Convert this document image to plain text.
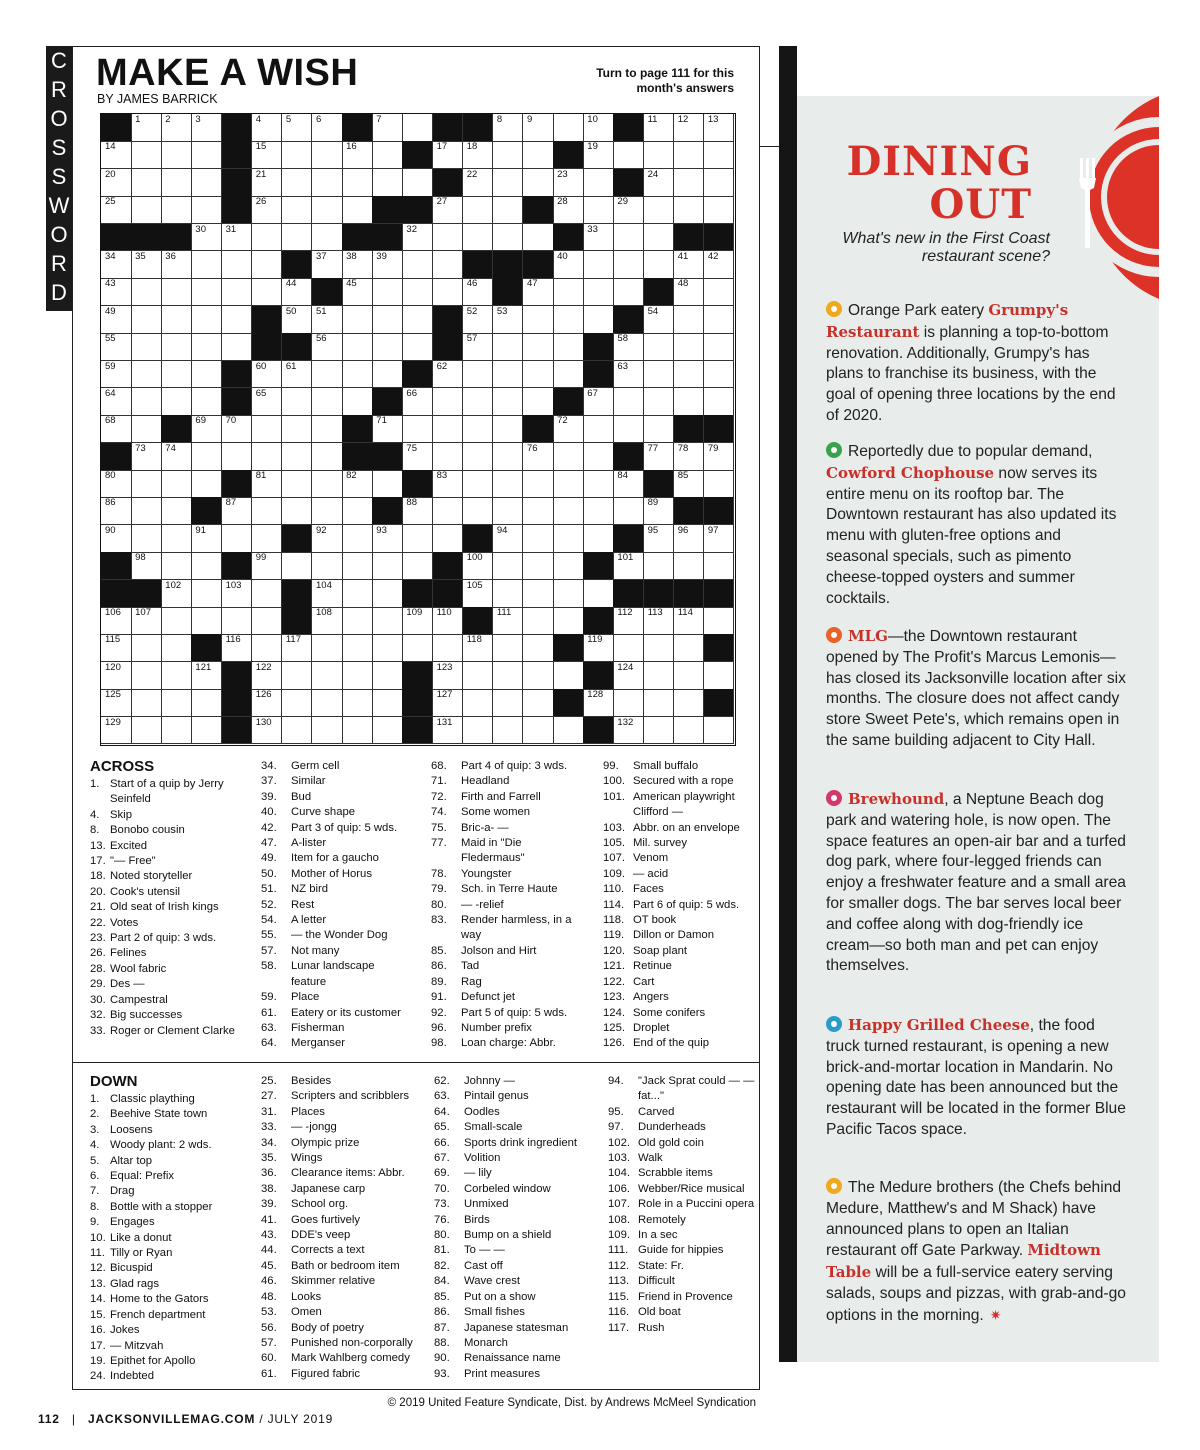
C
R
O
S
S
W
O
R
D
MAKE A WISH
BY JAMES BARRICK
Turn to page 111 for this month's answers
1	2	3	4	5	6	7	8	9	10	11 12 13
14	15	16	17 18	19
20	21	22	23	24
25	26	27	28	29
30 31	32	33
34 35 36	37 38 39	40	41 42
43	44	45	46	47	48
49	50 51	52 53	54
55	56	57	58
59	60 61	62	63
64	65	66	67
68	69 70	71	72
73 74	75	76	77 78 79
80	81	82	83	84	85
86	87	88	89
90	91	92	93	94	95 96 97
98	99	100	101
102	103	104	105
106 107	108	109 110	111	112 113 114
115	116	117	118	119
120	121	122	123	124
125	126	127	128
129	130	131	132
ACROSS
1. Start of a quip by Jerry Seinfeld
4. Skip
8. Bonobo cousin
13. Excited
17. "— Free"
18. Noted storyteller
20. Cook's utensil
21. Old seat of Irish kings
22. Votes
23. Part 2 of quip: 3 wds.
26. Felines
28. Wool fabric
29. Des —
30. Campestral
32. Big successes
33. Roger or Clement Clarke
34.	Germ cell
37.	Similar
39.	Bud
40.	Curve shape
42.	Part 3 of quip: 5 wds.
47.	A-lister
49.	Item for a gaucho
50.	Mother of Horus
51.	NZ bird
52.	Rest
54.	A letter
55.	— the Wonder Dog
57.	Not many
58.	Lunar landscape feature
59.	Place
61.	Eatery or its customer
63.	Fisherman
64.	Merganser
68.	Part 4 of quip: 3 wds.
71.	Headland
72.	Firth and Farrell
74.	Some women
75.	Bric-a- —
77.	Maid in "Die Fledermaus"
78.	Youngster
79.	Sch. in Terre Haute
80.	— -relief
83.	Render harmless, in a way
85.	Jolson and Hirt
86.	Tad
89.	Rag
91.	Defunct jet
92.	Part 5 of quip: 5 wds.
96.	Number prefix
98.	Loan charge: Abbr.
99.	Small buffalo
100. Secured with a rope
101. American playwright Clifford —
103. Abbr. on an envelope
105. Mil. survey
107. Venom
109. — acid
110. Faces
114. Part 6 of quip: 5 wds.
118. OT book
119. Dillon or Damon
120. Soap plant
121. Retinue
122. Cart
123. Angers
124. Some conifers
125. Droplet
126. End of the quip
DOWN
1. Classic plaything
2. Beehive State town
3. Loosens
4. Woody plant: 2 wds.
5. Altar top
6. Equal: Prefix
7. Drag
8. Bottle with a stopper
9. Engages
10. Like a donut
11. Tilly or Ryan
12. Bicuspid
13. Glad rags
14. Home to the Gators
15. French department
16. Jokes
17. — Mitzvah
19. Epithet for Apollo
24. Indebted
25.	Besides
27.	Scripters and scribblers
31.	Places
33.	— -jongg
34.	Olympic prize
35.	Wings
36.	Clearance items: Abbr.
38.	Japanese carp
39.	School org.
41.	Goes furtively
43.	DDE's veep
44.	Corrects a text
45.	Bath or bedroom item
46.	Skimmer relative
48.	Looks
53.	Omen
56.	Body of poetry
57.	Punished non-corporally
60.	Mark Wahlberg comedy
61.	Figured fabric
62.	Johnny —
63.	Pintail genus
64.	Oodles
65.	Small-scale
66.	Sports drink ingredient
67.	Volition
69.	— lily
70.	Corbeled window
73.	Unmixed
76.	Birds
80.	Bump on a shield
81.	To — —
82.	Cast off
84.	Wave crest
85.	Put on a show
86.	Small fishes
87.	Japanese statesman
88.	Monarch
90.	Renaissance name
93.	Print measures
94.	"Jack Sprat could — — fat..."
95.	Carved
97.	Dunderheads
102. Old gold coin
103. Walk
104. Scrabble items
106. Webber/Rice musical
107. Role in a Puccini opera
108. Remotely
109. In a sec
111. Guide for hippies
112. State: Fr.
113. Difficult
115. Friend in Provence
116. Old boat
117. Rush
© 2019 United Feature Syndicate, Dist. by Andrews McMeel Syndication
112 | JACKSONVILLEMAG.COM / JULY 2019
DINING
OUT
What's new in the First Coast restaurant scene?
Orange Park eatery Grumpy's Restaurant is planning a top-to-bottom renovation. Additionally, Grumpy's has plans to franchise its business, with the goal of opening three locations by the end of 2020.
Reportedly due to popular demand, Cowford Chophouse now serves its entire menu on its rooftop bar. The Downtown restaurant has also updated its menu with gluten-free options and seasonal specials, such as pimento cheese-topped oysters and summer cocktails.
MLG—the Downtown restaurant opened by The Profit's Marcus Lemonis—has closed its Jacksonville location after six months. The closure does not affect candy store Sweet Pete's, which remains open in the same building adjacent to City Hall.
Brewhound, a Neptune Beach dog park and watering hole, is now open. The space features an open-air bar and a turfed dog park, where four-legged friends can enjoy a freshwater feature and a small area for smaller dogs. The bar serves local beer and coffee along with dog-friendly ice cream—so both man and pet can enjoy themselves.
Happy Grilled Cheese, the food truck turned restaurant, is opening a new brick-and-mortar location in Mandarin. No opening date has been announced but the restaurant will be located in the former Blue Pacific Tacos space.
The Medure brothers (the Chefs behind Medure, Matthew's and M Shack) have announced plans to open an Italian restaurant off Gate Parkway. Midtown Table will be a full-service eatery serving salads, soups and pizzas, with grab-and-go options in the morning. ✷
